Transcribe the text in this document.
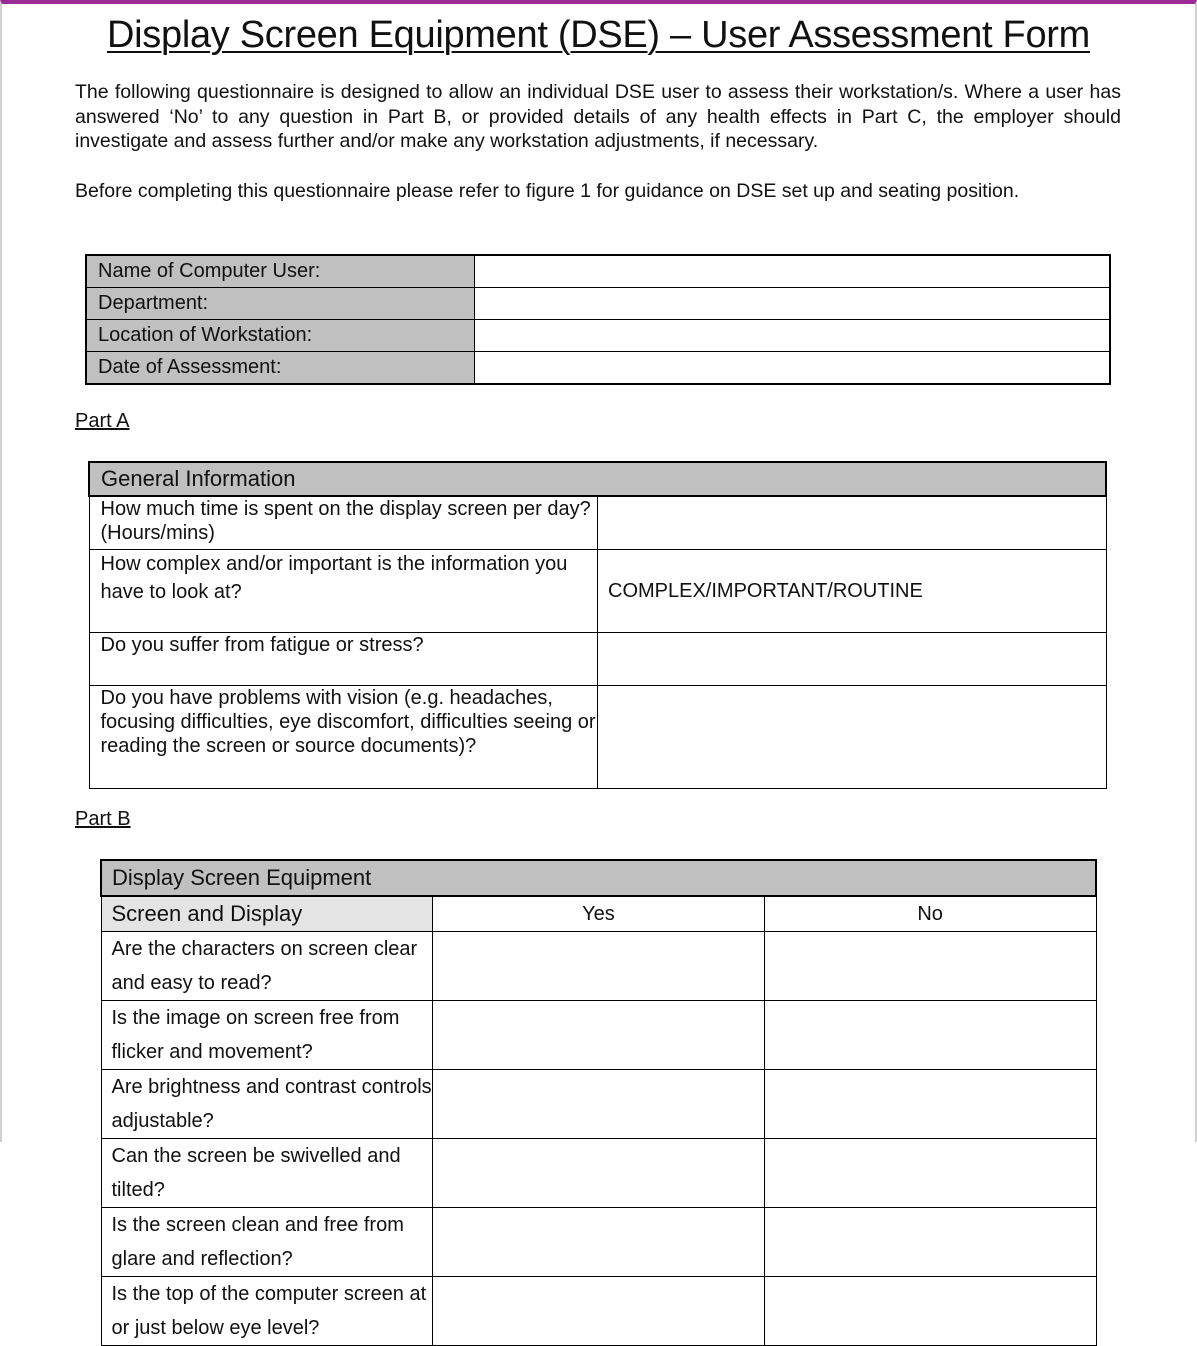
Display Screen Equipment (DSE) – User Assessment Form

The following questionnaire is designed to allow an individual DSE user to assess their workstation/s. Where a user has answered ‘No’ to any question in Part B, or provided details of any health effects in Part C, the employer should investigate and assess further and/or make any workstation adjustments, if necessary.

Before completing this questionnaire please refer to figure 1 for guidance on DSE set up and seating position.

Name of Computer User:	
Department:	
Location of Workstation:	
Date of Assessment:	
Part A
General Information	
How much time is spent on the display screen per day? (Hours/mins)	
How complex and/or important is the information you have to look at?	COMPLEX/IMPORTANT/ROUTINE
Do you suffer from fatigue or stress?	
Do you have problems with vision (e.g. headaches, focusing difficulties, eye discomfort, difficulties seeing or reading the screen or source documents)?	
Part B
Display Screen Equipment		
Screen and Display	Yes	No
Are the characters on screen clear and easy to read?		
Is the image on screen free from flicker and movement?		
Are brightness and contrast controls adjustable?		
Can the screen be swivelled and tilted?		
Is the screen clean and free from glare and reflection?		
Is the top of the computer screen at or just below eye level?		
